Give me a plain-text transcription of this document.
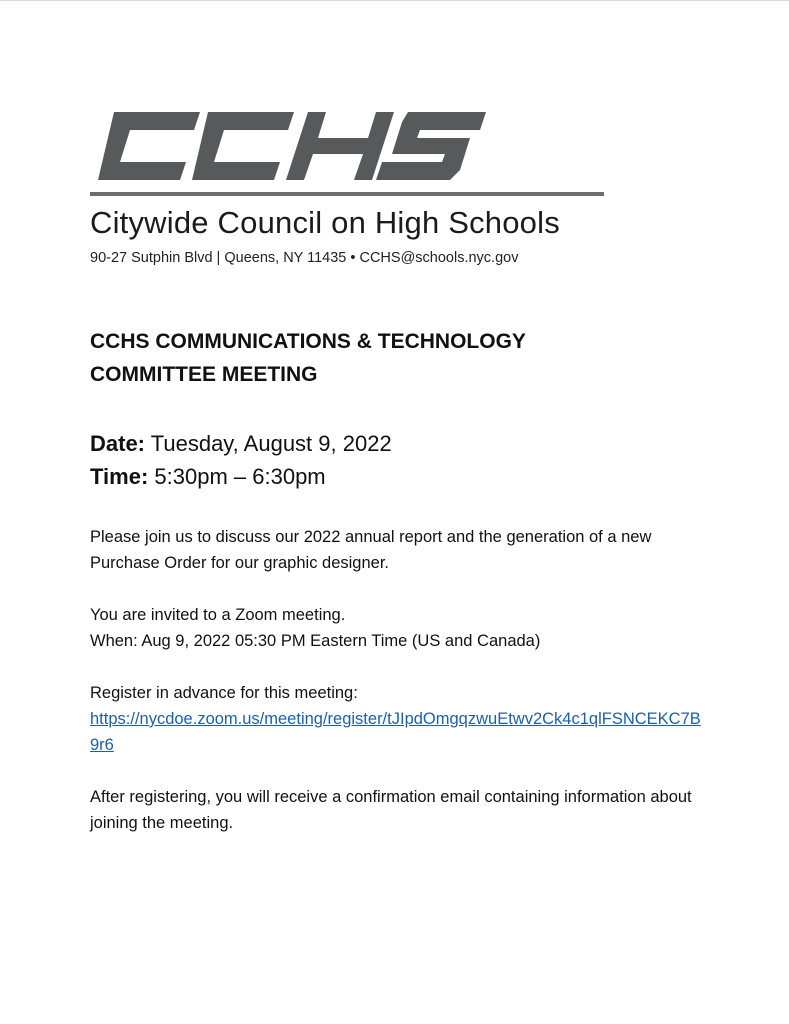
Citywide Council on High Schools
90-27 Sutphin Blvd | Queens, NY 11435 • CCHS@schools.nyc.gov
CCHS COMMUNICATIONS & TECHNOLOGY COMMITTEE MEETING
Date: Tuesday, August 9, 2022
Time: 5:30pm – 6:30pm
Please join us to discuss our 2022 annual report and the generation of a new Purchase Order for our graphic designer.
You are invited to a Zoom meeting.
When: Aug 9, 2022 05:30 PM Eastern Time (US and Canada)
Register in advance for this meeting:
https://nycdoe.zoom.us/meeting/register/tJIpdOmgqzwuEtwv2Ck4c1qlFSNCEKC7B9r6
After registering, you will receive a confirmation email containing information about joining the meeting.
